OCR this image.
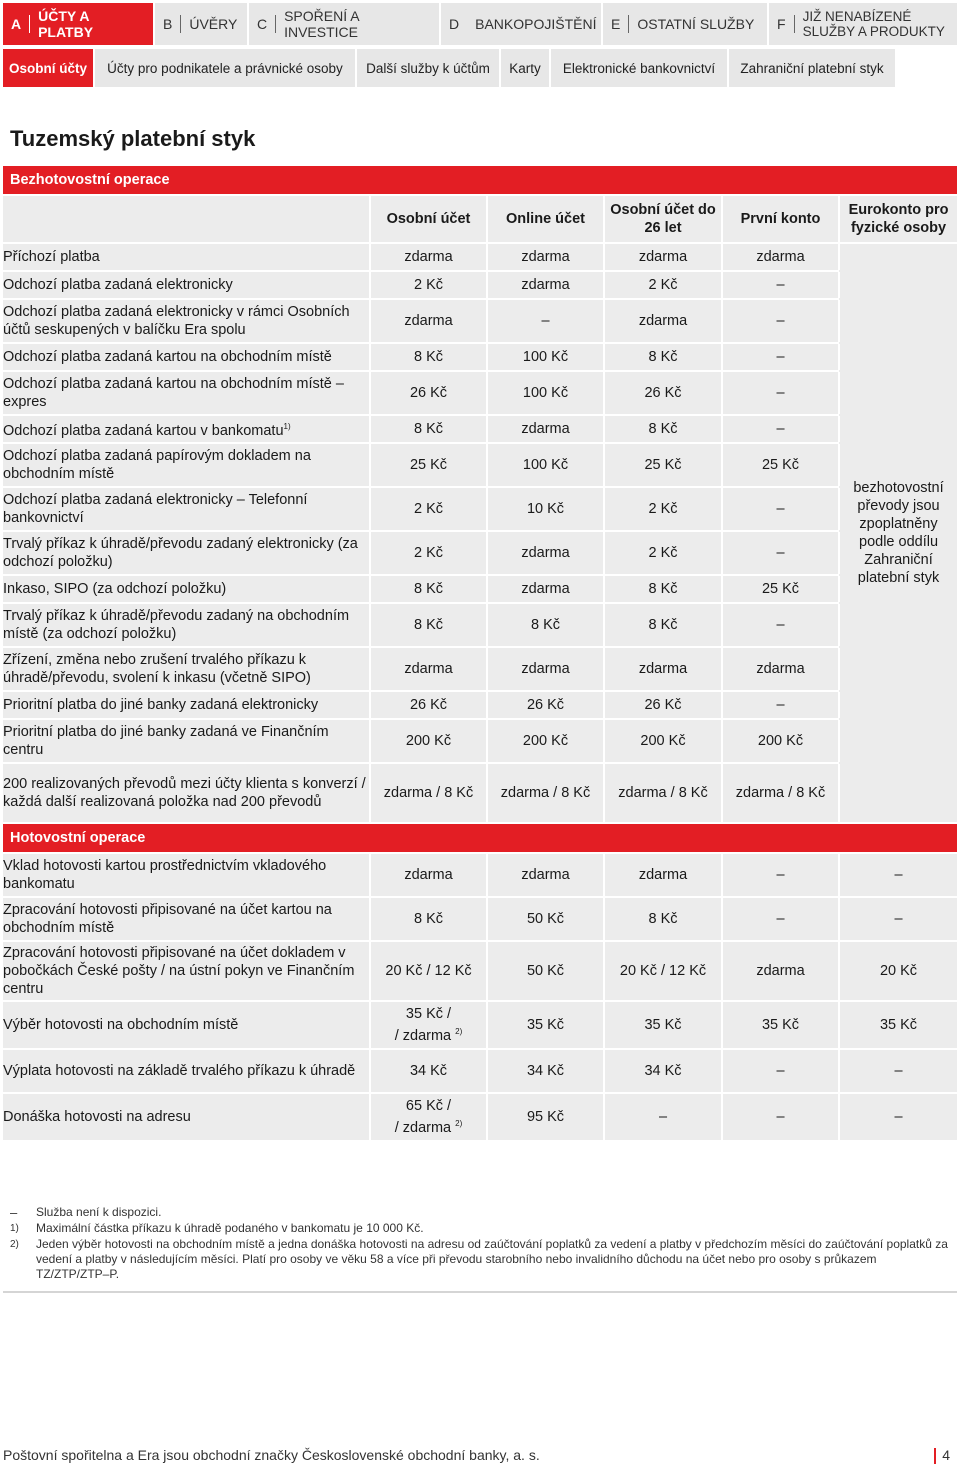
A ÚČTY A PLATBY	B ÚVĚRY C SPOŘENÍ A INVESTICE	D BANKOPOJIŠTĚNÍ E OSTATNÍ SLUŽBY F JIŽ NENABÍZENÉ
SLUŽBY A PRODUKTY
Osobní účty	Účty pro podnikatele a právnické osoby	Další služby k účtům	Karty	Elektronické bankovnictví	Zahraniční platební styk
Tuzemský platební styk
Bezhotovostní operace					

	Osobní účet	Online účet	Osobní účet do 26 let	První konto	Eurokonto pro fyzické osoby

Příchozí platba	zdarma	zdarma	zdarma	zdarma	bezhotovostní převody jsou zpoplatněny podle oddílu Zahraniční platební styk

Odchozí platba zadaná elektronicky	2 Kč	zdarma	2 Kč	–	

Odchozí platba zadaná elektronicky v rámci Osobních účtů seskupených v balíčku Era spolu	zdarma	–	zdarma	–	

Odchozí platba zadaná kartou na obchodním místě	8 Kč	100 Kč	8 Kč	–	

Odchozí platba zadaná kartou na obchodním místě – expres	26 Kč	100 Kč	26 Kč	–	

Odchozí platba zadaná kartou v bankomatu$^{1)}$	8 Kč	zdarma	8 Kč	–	

Odchozí platba zadaná papírovým dokladem na obchodním místě	25 Kč	100 Kč	25 Kč	25 Kč	

Odchozí platba zadaná elektronicky – Telefonní bankovnictví	2 Kč	10 Kč	2 Kč	–	

Trvalý příkaz k úhradě/převodu zadaný elektronicky (za odchozí položku)	2 Kč	zdarma	2 Kč	–	

Inkaso, SIPO (za odchozí položku)	8 Kč	zdarma	8 Kč	25 Kč	

Trvalý příkaz k úhradě/převodu zadaný na obchodním místě (za odchozí položku)	8 Kč	8 Kč	8 Kč	–	

Zřízení, změna nebo zrušení trvalého příkazu k úhradě/převodu, svolení k inkasu (včetně SIPO)	zdarma	zdarma	zdarma	zdarma	

Prioritní platba do jiné banky zadaná elektronicky	26 Kč	26 Kč	26 Kč	–	

Prioritní platba do jiné banky zadaná ve Finančním centru	200 Kč	200 Kč	200 Kč	200 Kč	

200 realizovaných převodů mezi účty klienta s konverzí / každá další realizovaná položka nad 200 převodů	zdarma / 8 Kč	zdarma / 8 Kč	zdarma / 8 Kč	zdarma / 8 Kč	

Hotovostní operace					

Vklad hotovosti kartou prostřednictvím vkladového bankomatu	zdarma	zdarma	zdarma	–	–

Zpracování hotovosti připisované na účet kartou na obchodním místě	8 Kč	50 Kč	8 Kč	–	–

Zpracování hotovosti připisované na účet dokladem v pobočkách České pošty / na ústní pokyn ve Finančním centru	20 Kč / 12 Kč	50 Kč	20 Kč / 12 Kč	zdarma	20 Kč

Výběr hotovosti na obchodním místě	35 Kč /
/ zdarma $^{2)}$	35 Kč	35 Kč	35 Kč	35 Kč

Výplata hotovosti na základě trvalého příkazu k úhradě	34 Kč	34 Kč	34 Kč	–	–

Donáška hotovosti na adresu	65 Kč /
/ zdarma $^{2)}$	95 Kč	–	–	–
–	Služba není k dispozici.
1)	Maximální částka příkazu k úhradě podaného v bankomatu je 10 000 Kč.
2)	Jeden výběr hotovosti na obchodním místě a jedna donáška hotovosti na adresu od zaúčtování poplatků za vedení a platby v předchozím měsíci do zaúčtování poplatků za vedení a platby v následujícím měsíci. Platí pro osoby ve věku 58 a více při převodu starobního nebo invalidního důchodu na účet nebo pro osoby s průkazem TZ/ZTP/ZTP–P.
Poštovní spořitelna a Era jsou obchodní značky Československé obchodní banky, a. s.	4
